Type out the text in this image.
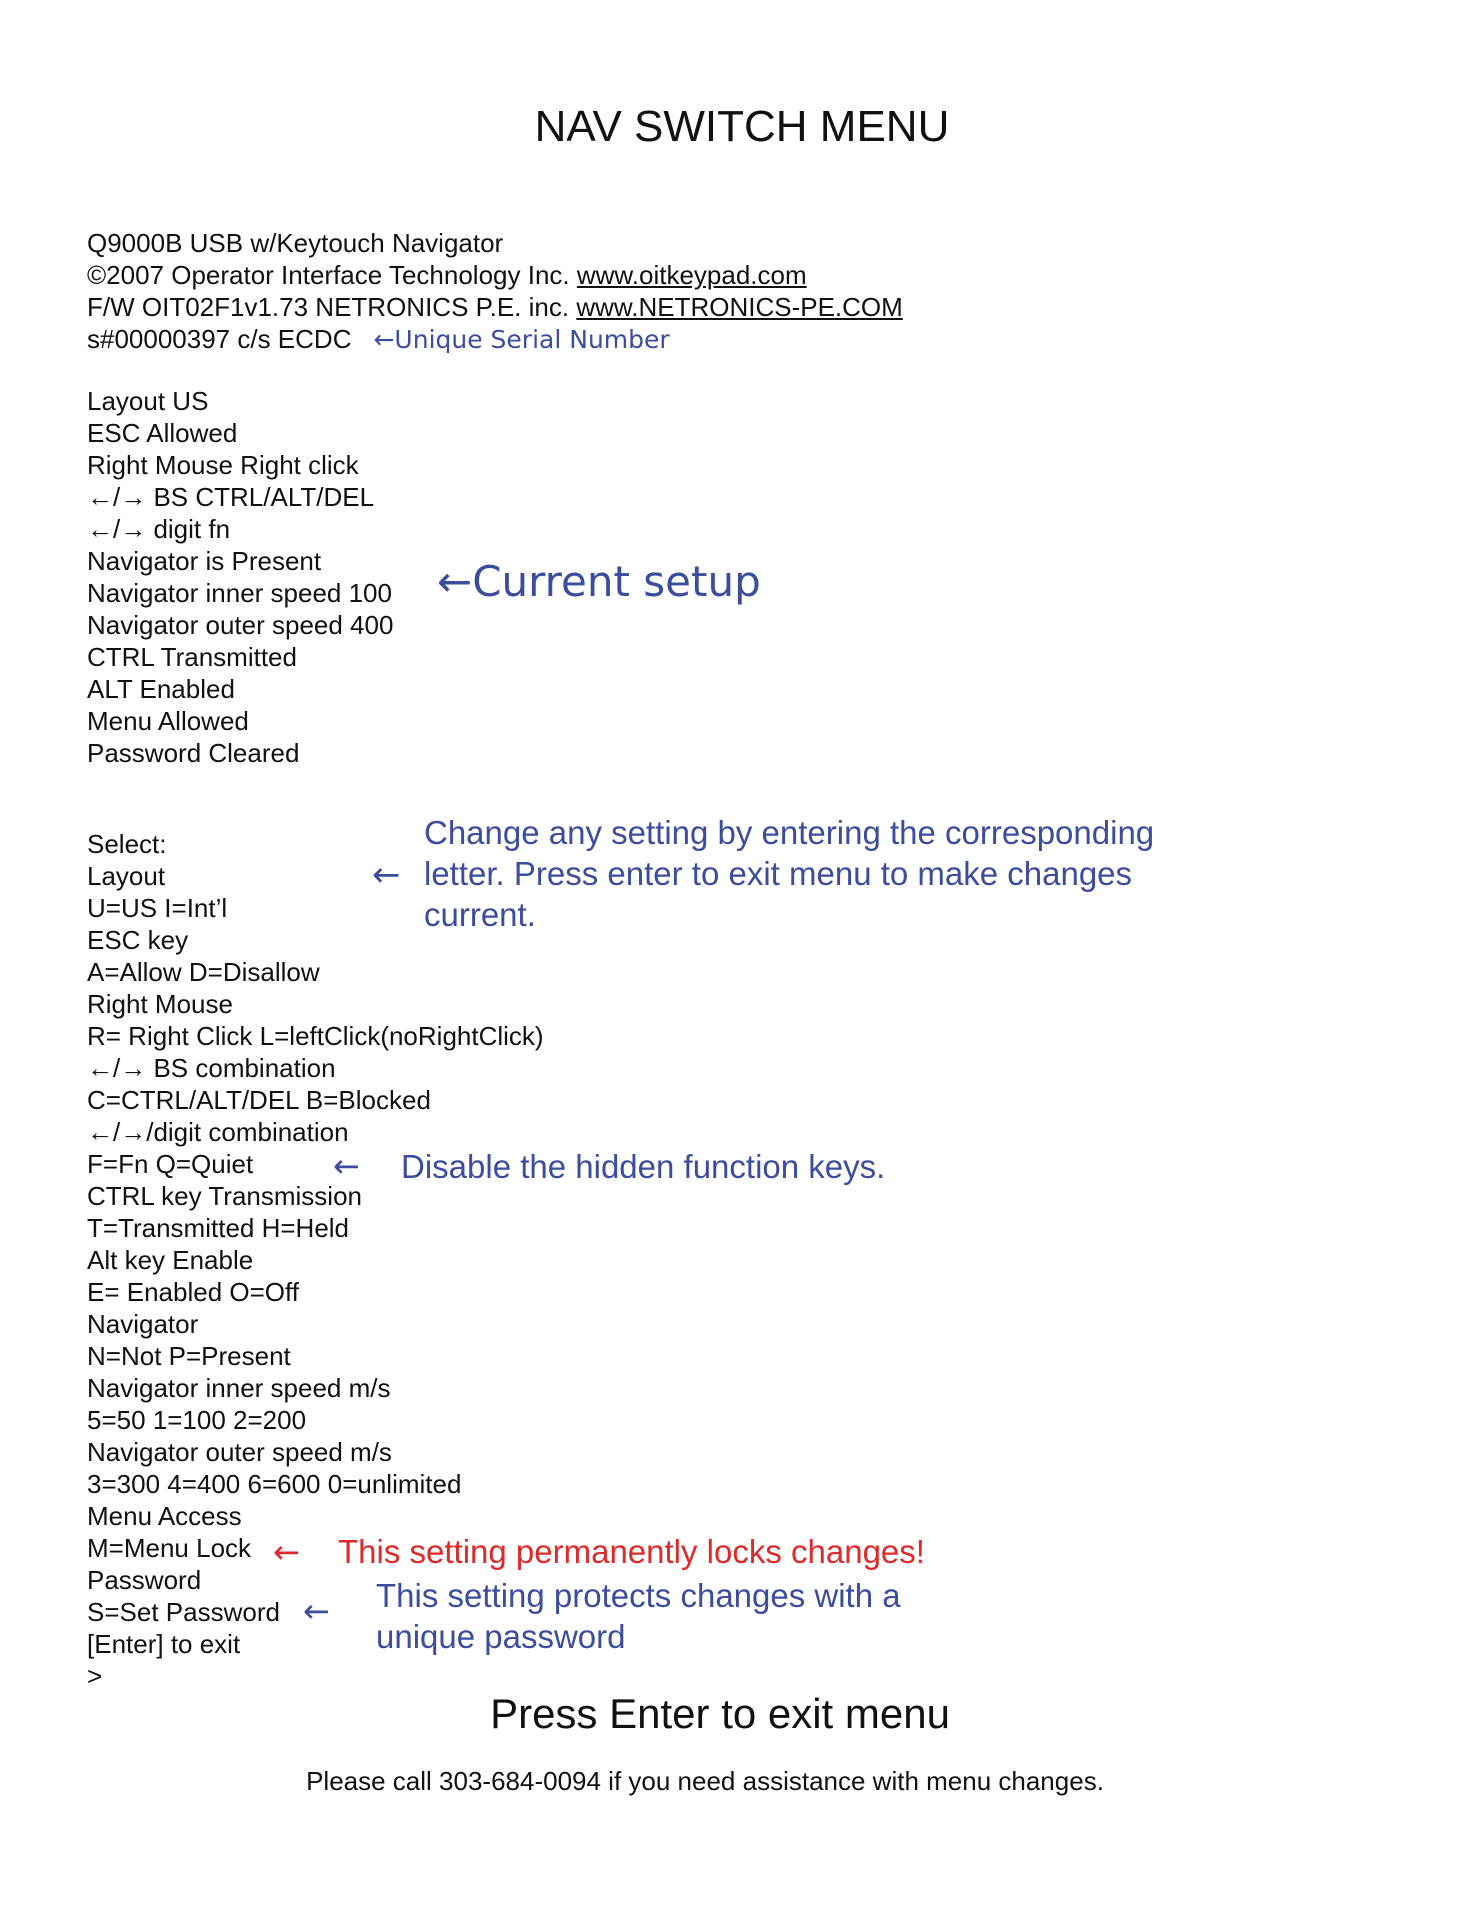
NAV SWITCH MENU
Q9000B USB w/Keytouch Navigator
©2007 Operator Interface Technology Inc. www.oitkeypad.com
F/W OIT02F1v1.73 NETRONICS P.E. inc. www.NETRONICS-PE.COM
s#00000397 c/s ECDC ←Unique Serial Number
Layout US
ESC Allowed
Right Mouse Right click
←/→ BS CTRL/ALT/DEL
←/→ digit fn
Navigator is Present
Navigator inner speed 100
Navigator outer speed 400
CTRL Transmitted
ALT Enabled
Menu Allowed
Password Cleared
←Current setup
Select:
Layout
U=US I=Int’l
ESC key
A=Allow D=Disallow
Right Mouse
R= Right Click L=leftClick(noRightClick)
←/→ BS combination
C=CTRL/ALT/DEL B=Blocked
←/→/digit combination
F=Fn Q=Quiet
CTRL key Transmission
T=Transmitted H=Held
Alt key Enable
E= Enabled O=Off
Navigator
N=Not P=Present
Navigator inner speed m/s
5=50 1=100 2=200
Navigator outer speed m/s
3=300 4=400 6=600 0=unlimited
Menu Access
M=Menu Lock
Password
S=Set Password
[Enter] to exit
>
←
Change any setting by entering the corresponding
letter. Press enter to exit menu to make changes
current.
← Disable the hidden function keys.
← This setting permanently locks changes!
← This setting protects changes with a
unique password
Press Enter to exit menu
Please call 303-684-0094 if you need assistance with menu changes.
